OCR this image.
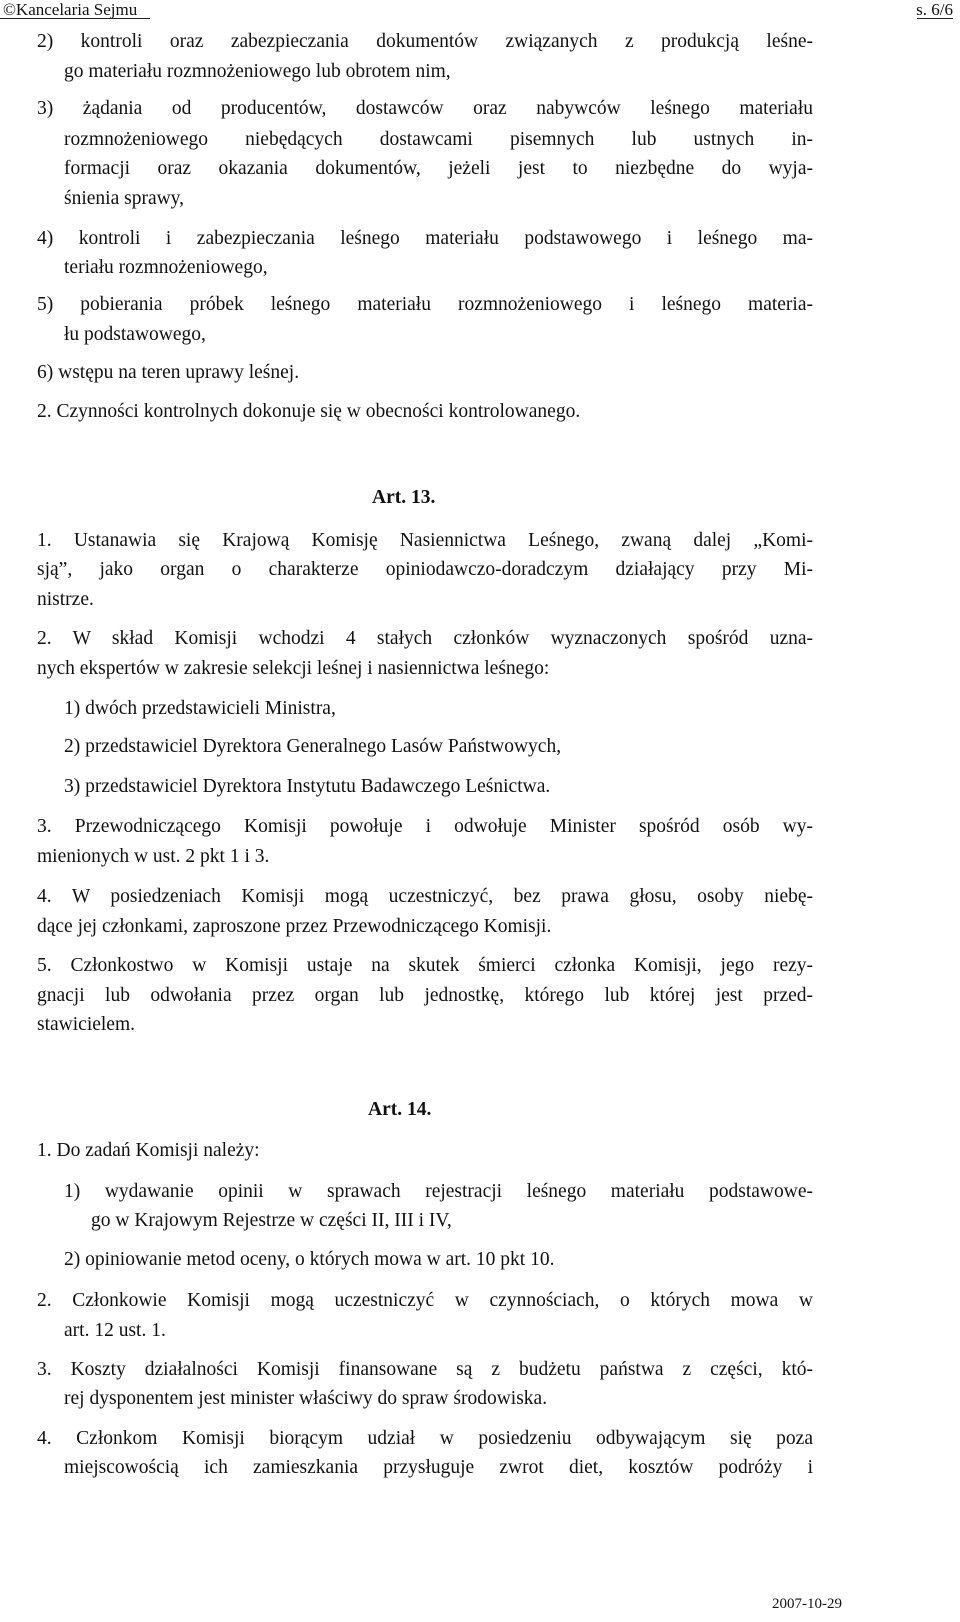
©Kancelaria Sejmu	s. 6/6
2) kontroli oraz zabezpieczania dokumentów związanych z produkcją leśne-
go materiału rozmnożeniowego lub obrotem nim,
3) żądania od producentów, dostawców oraz nabywców leśnego materiału
rozmnożeniowego niebędących dostawcami pisemnych lub ustnych in-
formacji oraz okazania dokumentów, jeżeli jest to niezbędne do wyja-
śnienia sprawy,
4) kontroli i zabezpieczania leśnego materiału podstawowego i leśnego ma-
teriału rozmnożeniowego,
5) pobierania próbek leśnego materiału rozmnożeniowego i leśnego materia-
łu podstawowego,
6) wstępu na teren uprawy leśnej.
2. Czynności kontrolnych dokonuje się w obecności kontrolowanego.
Art. 13.
1. Ustanawia się Krajową Komisję Nasiennictwa Leśnego, zwaną dalej „Komi-
sją”, jako organ o charakterze opiniodawczo-doradczym działający przy Mi-
nistrze.
2. W skład Komisji wchodzi 4 stałych członków wyznaczonych spośród uzna-
nych ekspertów w zakresie selekcji leśnej i nasiennictwa leśnego:
1) dwóch przedstawicieli Ministra,
2) przedstawiciel Dyrektora Generalnego Lasów Państwowych,
3) przedstawiciel Dyrektora Instytutu Badawczego Leśnictwa.
3. Przewodniczącego Komisji powołuje i odwołuje Minister spośród osób wy-
mienionych w ust. 2 pkt 1 i 3.
4. W posiedzeniach Komisji mogą uczestniczyć, bez prawa głosu, osoby niebę-
dące jej członkami, zaproszone przez Przewodniczącego Komisji.
5. Członkostwo w Komisji ustaje na skutek śmierci członka Komisji, jego rezy-
gnacji lub odwołania przez organ lub jednostkę, którego lub której jest przed-
stawicielem.
Art. 14.
1. Do zadań Komisji należy:
1) wydawanie opinii w sprawach rejestracji leśnego materiału podstawowe-
go w Krajowym Rejestrze w części II, III i IV,
2) opiniowanie metod oceny, o których mowa w art. 10 pkt 10.
2. Członkowie Komisji mogą uczestniczyć w czynnościach, o których mowa w
art. 12 ust. 1.
3. Koszty działalności Komisji finansowane są z budżetu państwa z części, któ-
rej dysponentem jest minister właściwy do spraw środowiska.
4. Członkom Komisji biorącym udział w posiedzeniu odbywającym się poza
miejscowością ich zamieszkania przysługuje zwrot diet, kosztów podróży i
2007-10-29
